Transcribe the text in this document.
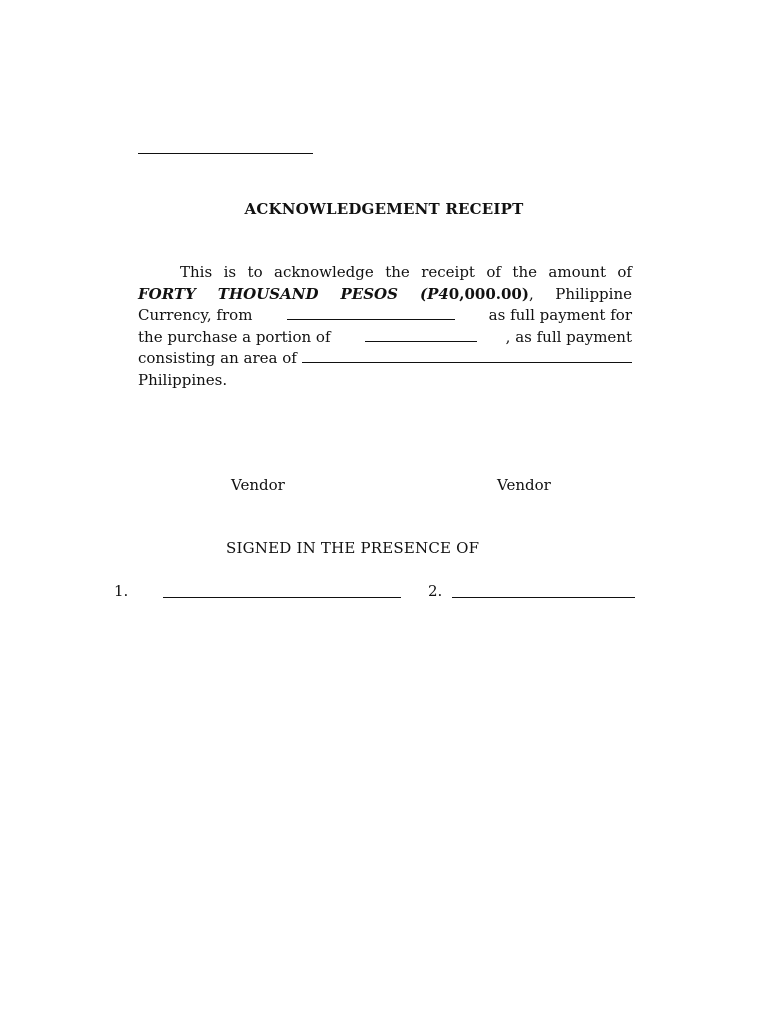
ACKNOWLEDGEMENT RECEIPT
This is to acknowledge the receipt of the amount of
FORTY THOUSAND PESOS (P40,000.00), Philippine
Currency, from	as full payment for
the purchase a portion of	, as full payment
consisting an area of
Philippines.
Vendor	Vendor
SIGNED IN THE PRESENCE OF
1.	2.
